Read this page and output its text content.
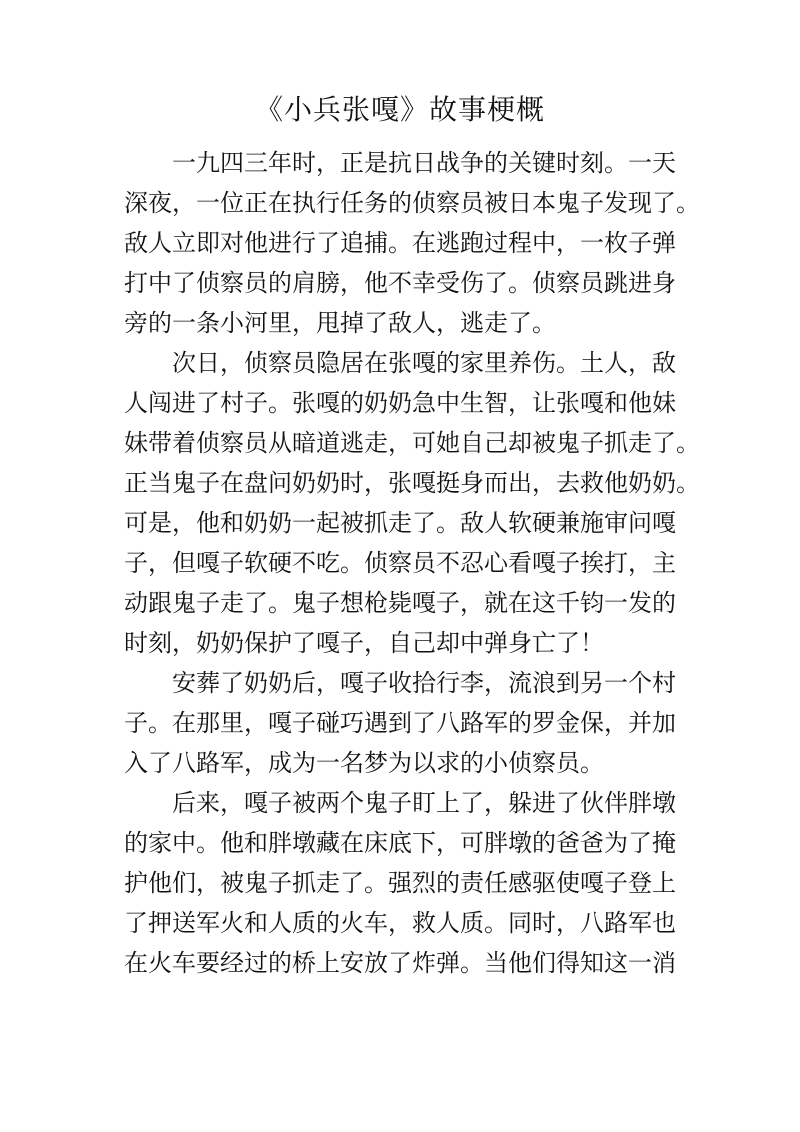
《小兵张嘎》故事梗概
一九四三年时，正是抗日战争的关键时刻。一天
深夜，一位正在执行任务的侦察员被日本鬼子发现了。
敌人立即对他进行了追捕。在逃跑过程中，一枚子弹
打中了侦察员的肩膀，他不幸受伤了。侦察员跳进身
旁的一条小河里，甩掉了敌人，逃走了。
次日，侦察员隐居在张嘎的家里养伤。土人，敌
人闯进了村子。张嘎的奶奶急中生智，让张嘎和他妹
妹带着侦察员从暗道逃走，可她自己却被鬼子抓走了。
正当鬼子在盘问奶奶时，张嘎挺身而出，去救他奶奶。
可是，他和奶奶一起被抓走了。敌人软硬兼施审问嘎
子，但嘎子软硬不吃。侦察员不忍心看嘎子挨打，主
动跟鬼子走了。鬼子想枪毙嘎子，就在这千钧一发的
时刻，奶奶保护了嘎子，自己却中弹身亡了！
安葬了奶奶后，嘎子收拾行李，流浪到另一个村
子。在那里，嘎子碰巧遇到了八路军的罗金保，并加
入了八路军，成为一名梦为以求的小侦察员。
后来，嘎子被两个鬼子盯上了，躲进了伙伴胖墩
的家中。他和胖墩藏在床底下，可胖墩的爸爸为了掩
护他们，被鬼子抓走了。强烈的责任感驱使嘎子登上
了押送军火和人质的火车，救人质。同时，八路军也
在火车要经过的桥上安放了炸弹。当他们得知这一消
